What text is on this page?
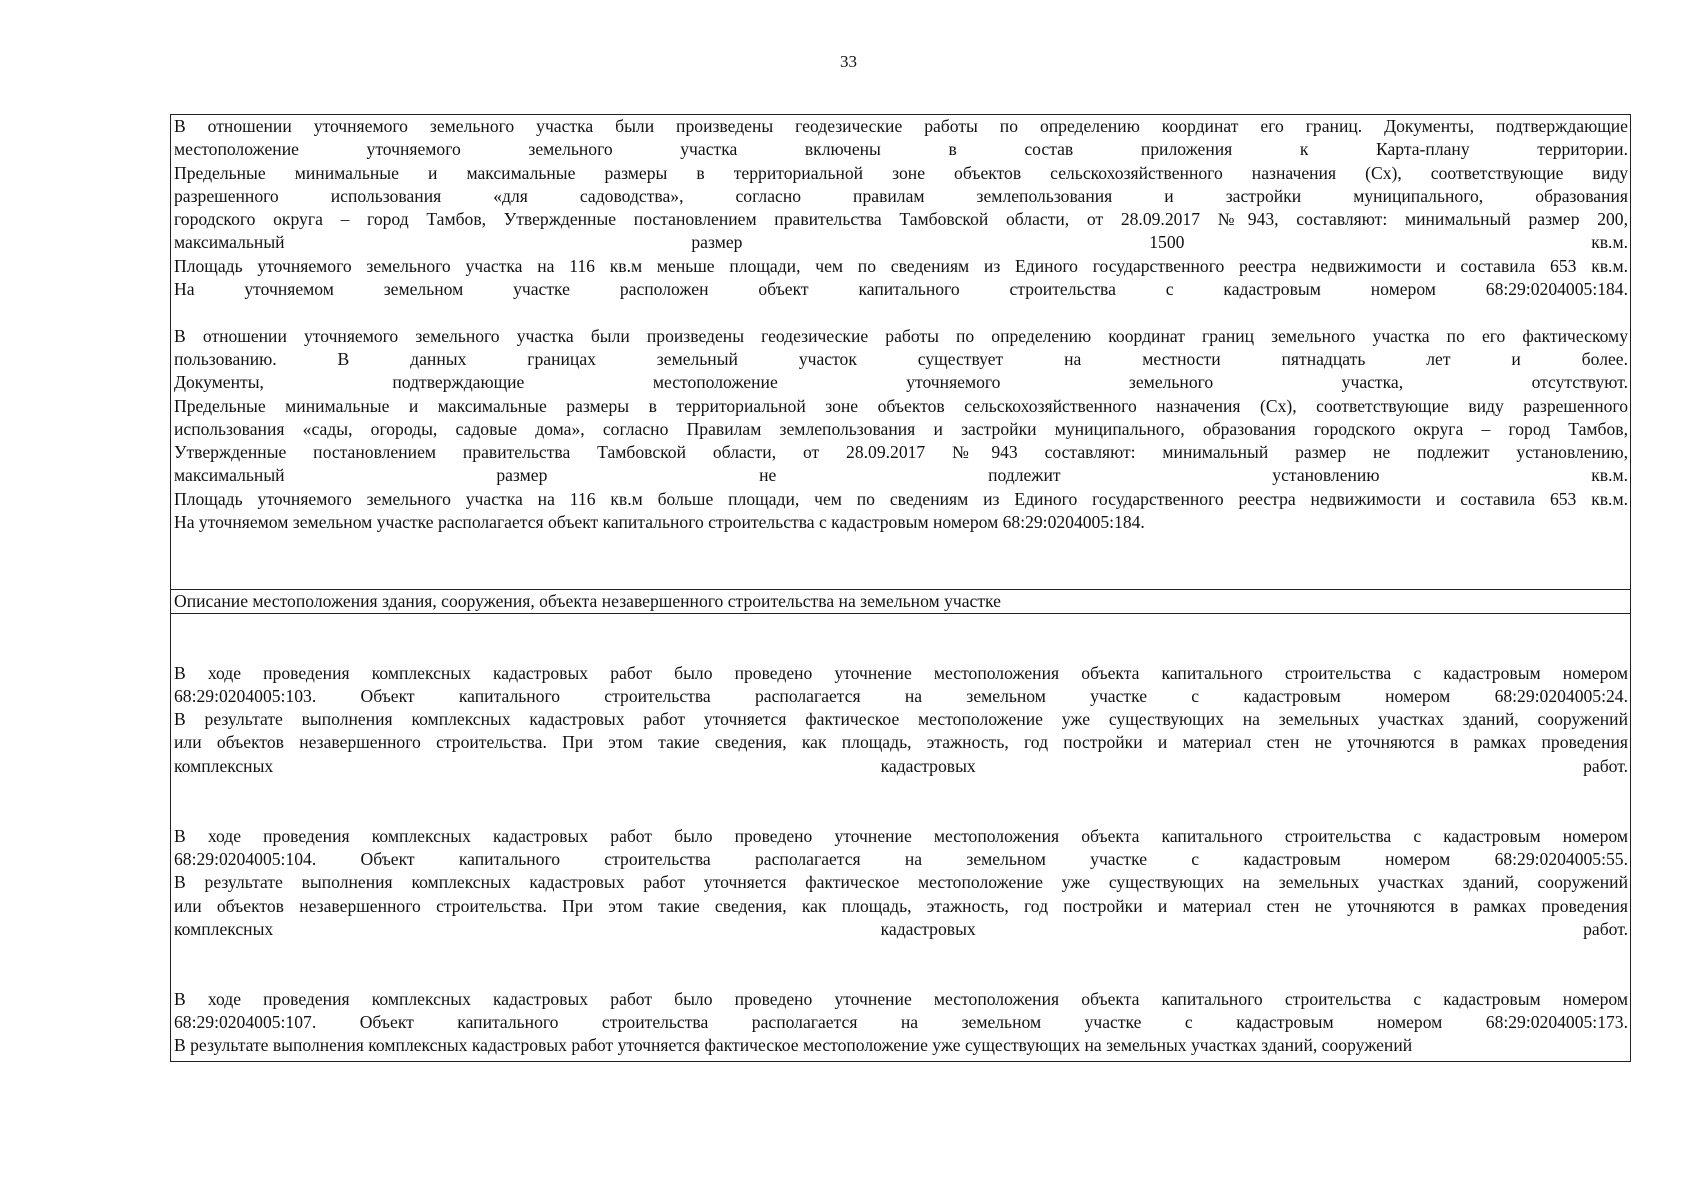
33

В отношении уточняемого земельного участка были произведены геодезические работы по определению координат его границ. Документы, подтверждающие

местоположение уточняемого земельного участка включены в состав приложения к Карта-плану территории.

Предельные минимальные и максимальные размеры в территориальной зоне объектов сельскохозяйственного назначения (Сх), соответствующие виду

разрешенного использования «для садоводства», согласно правилам землепользования и застройки муниципального, образования

городского округа – город Тамбов, Утвержденные постановлением правительства Тамбовской области, от 28.09.2017 №943, составляют: минимальный размер 200,

максимальный размер 1500 кв.м.

Площадь уточняемого земельного участка на 116 кв.м меньше площади, чем по сведениям из Единого государственного реестра недвижимости и составила 653 кв.м.

На уточняемом земельном участке расположен объект капитального строительства с кадастровым номером 68:29:0204005:184.

В отношении уточняемого земельного участка были произведены геодезические работы по определению координат границ земельного участка по его фактическому

пользованию. В данных границах земельный участок существует на местности пятнадцать лет и более.

Документы, подтверждающие местоположение уточняемого земельного участка, отсутствуют.

Предельные минимальные и максимальные размеры в территориальной зоне объектов сельскохозяйственного назначения (Сх), соответствующие виду разрешенного

использования «сады, огороды, садовые дома», согласно Правилам землепользования и застройки муниципального, образования городского округа – город Тамбов,

Утвержденные постановлением правительства Тамбовской области, от 28.09.2017 №943 составляют: минимальный размер не подлежит установлению,

максимальный размер не подлежит установлению кв.м.

Площадь уточняемого земельного участка на 116 кв.м больше площади, чем по сведениям из Единого государственного реестра недвижимости и составила 653 кв.м.

На уточняемом земельном участке располагается объект капитального строительства с кадастровым номером 68:29:0204005:184.

Описание местоположения здания, сооружения, объекта незавершенного строительства на земельном участке

В ходе проведения комплексных кадастровых работ было проведено уточнение местоположения объекта капитального строительства с кадастровым номером

68:29:0204005:103. Объект капитального строительства располагается на земельном участке с кадастровым номером 68:29:0204005:24.

В результате выполнения комплексных кадастровых работ уточняется фактическое местоположение уже существующих на земельных участках зданий, сооружений

или объектов незавершенного строительства. При этом такие сведения, как площадь, этажность, год постройки и материал стен не уточняются в рамках проведения

комплексных кадастровых работ.

В ходе проведения комплексных кадастровых работ было проведено уточнение местоположения объекта капитального строительства с кадастровым номером

68:29:0204005:104. Объект капитального строительства располагается на земельном участке с кадастровым номером 68:29:0204005:55.

В результате выполнения комплексных кадастровых работ уточняется фактическое местоположение уже существующих на земельных участках зданий, сооружений

или объектов незавершенного строительства. При этом такие сведения, как площадь, этажность, год постройки и материал стен не уточняются в рамках проведения

комплексных кадастровых работ.

В ходе проведения комплексных кадастровых работ было проведено уточнение местоположения объекта капитального строительства с кадастровым номером

68:29:0204005:107. Объект капитального строительства располагается на земельном участке с кадастровым номером 68:29:0204005:173.

В результате выполнения комплексных кадастровых работ уточняется фактическое местоположение уже существующих на земельных участках зданий, сооружений
